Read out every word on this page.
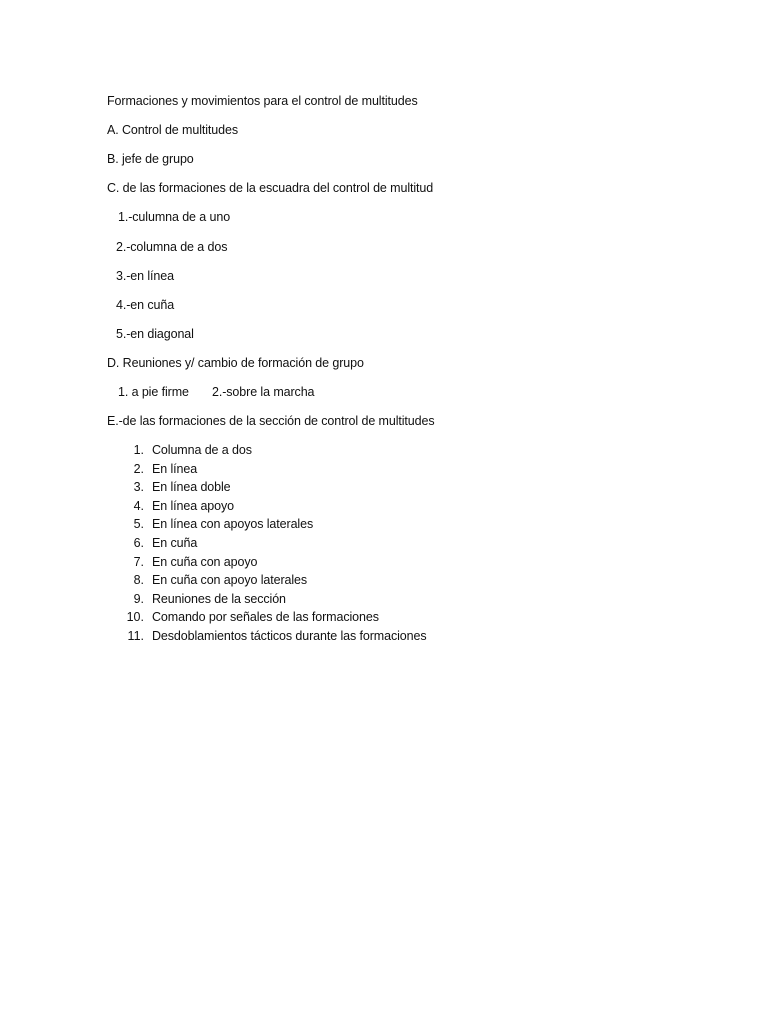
Formaciones y movimientos para el control de multitudes
A. Control de multitudes
B. jefe de grupo
C. de las formaciones de la escuadra del control de multitud
1.-culumna de a uno
2.-columna de a dos
3.-en línea
4.-en cuña
5.-en diagonal
D. Reuniones y/ cambio de formación de grupo
1. a pie firme 2.-sobre la marcha
E.-de las formaciones de la sección de control de multitudes
1. Columna de a dos
2. En línea
3. En línea doble
4. En línea apoyo
5. En línea con apoyos laterales
6. En cuña
7. En cuña con apoyo
8. En cuña con apoyo laterales
9. Reuniones de la sección
10. Comando por señales de las formaciones
11. Desdoblamientos tácticos durante las formaciones
